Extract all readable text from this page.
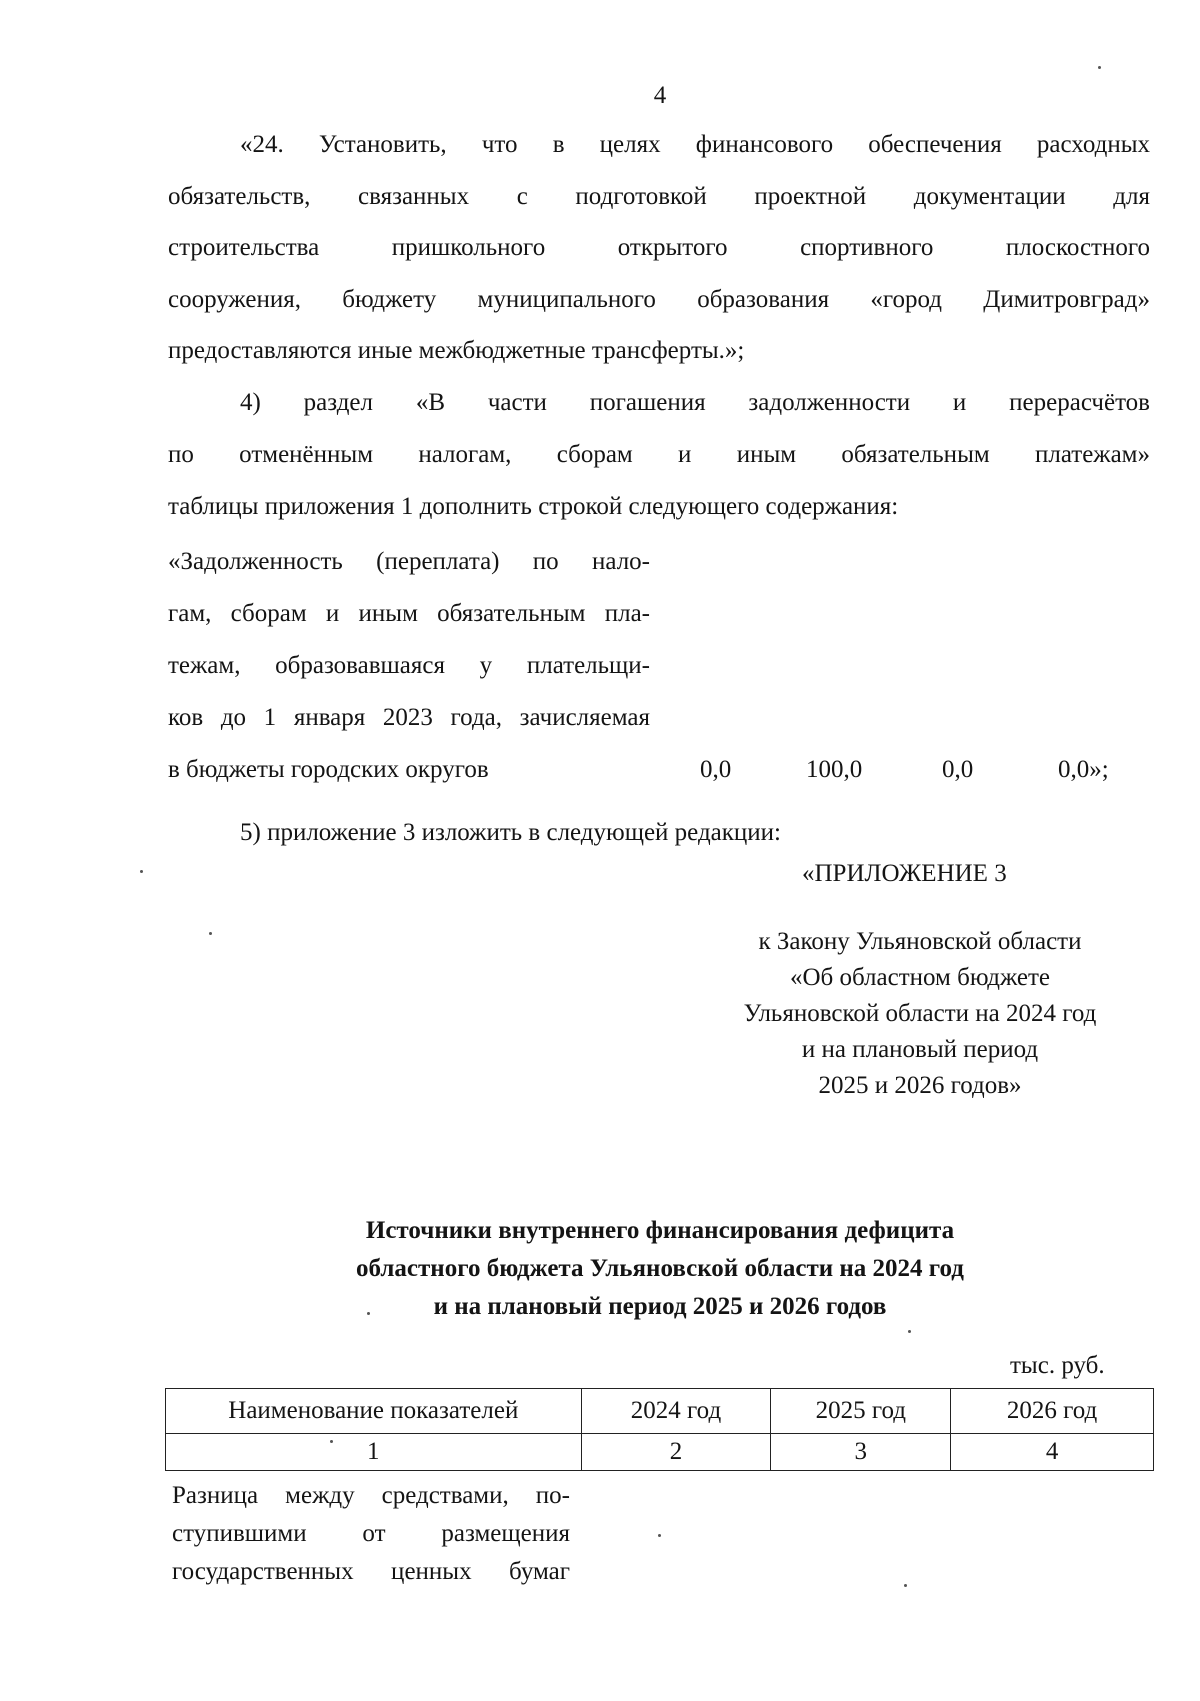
4
«24. Установить, что в целях финансового обеспечения расходных
обязательств, связанных с подготовкой проектной документации для
строительства пришкольного открытого спортивного плоскостного
сооружения, бюджету муниципального образования «город Димитровград»
предоставляются иные межбюджетные трансферты.»;
4) раздел «В части погашения задолженности и перерасчётов
по отменённым налогам, сборам и иным обязательным платежам»
таблицы приложения 1 дополнить строкой следующего содержания:
«Задолженность (переплата) по нало-
гам, сборам и иным обязательным пла-
тежам, образовавшаяся у плательщи-
ков до 1 января 2023 года, зачисляемая
в бюджеты городских округов	0,0	100,0	0,0	0,0»;
5) приложение 3 изложить в следующей редакции:
«ПРИЛОЖЕНИЕ 3
к Закону Ульяновской области
«Об областном бюджете
Ульяновской области на 2024 год
и на плановый период
2025 и 2026 годов»
Источники внутреннего финансирования дефицита
областного бюджета Ульяновской области на 2024 год
и на плановый период 2025 и 2026 годов
тыс. руб.
Наименование показателей	2024 год	2025 год	2026 год
1	2	3	4
Разница между средствами, по-
ступившими от размещения
государственных ценных бумаг
